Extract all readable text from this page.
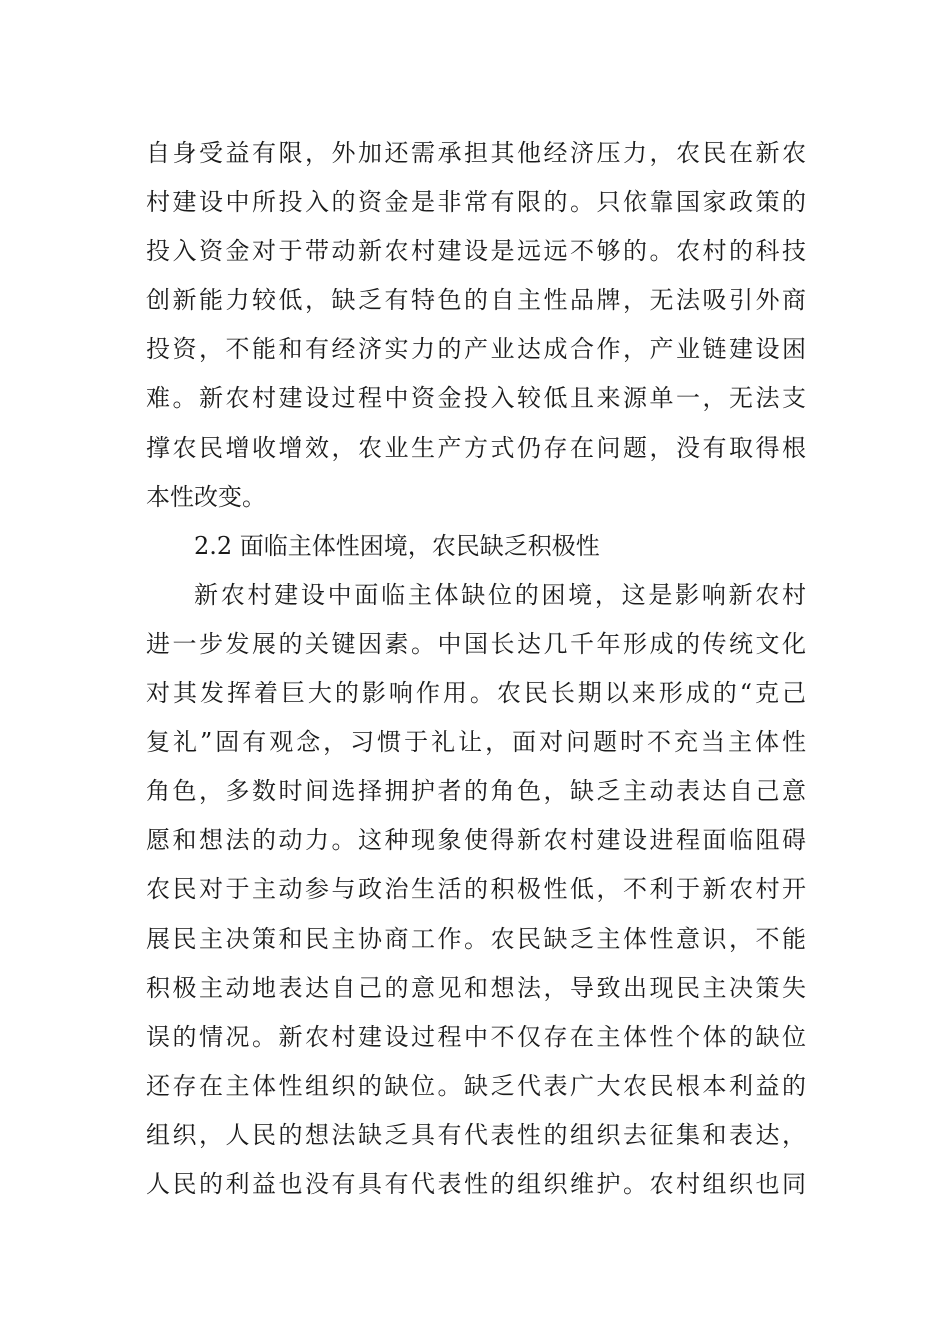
自身受益有限，外加还需承担其他经济压力，农民在新农
村建设中所投入的资金是非常有限的。只依靠国家政策的
投入资金对于带动新农村建设是远远不够的。农村的科技
创新能力较低，缺乏有特色的自主性品牌，无法吸引外商
投资，不能和有经济实力的产业达成合作，产业链建设困
难。新农村建设过程中资金投入较低且来源单一，无法支
撑农民增收增效，农业生产方式仍存在问题，没有取得根
本性改变。
2.2 面临主体性困境，农民缺乏积极性
新农村建设中面临主体缺位的困境，这是影响新农村
进一步发展的关键因素。中国长达几千年形成的传统文化
对其发挥着巨大的影响作用。农民长期以来形成的“克己
复礼”固有观念，习惯于礼让，面对问题时不充当主体性
角色，多数时间选择拥护者的角色，缺乏主动表达自己意
愿和想法的动力。这种现象使得新农村建设进程面临阻碍
农民对于主动参与政治生活的积极性低，不利于新农村开
展民主决策和民主协商工作。农民缺乏主体性意识，不能
积极主动地表达自己的意见和想法，导致出现民主决策失
误的情况。新农村建设过程中不仅存在主体性个体的缺位
还存在主体性组织的缺位。缺乏代表广大农民根本利益的
组织，人民的想法缺乏具有代表性的组织去征集和表达，
人民的利益也没有具有代表性的组织维护。农村组织也同
